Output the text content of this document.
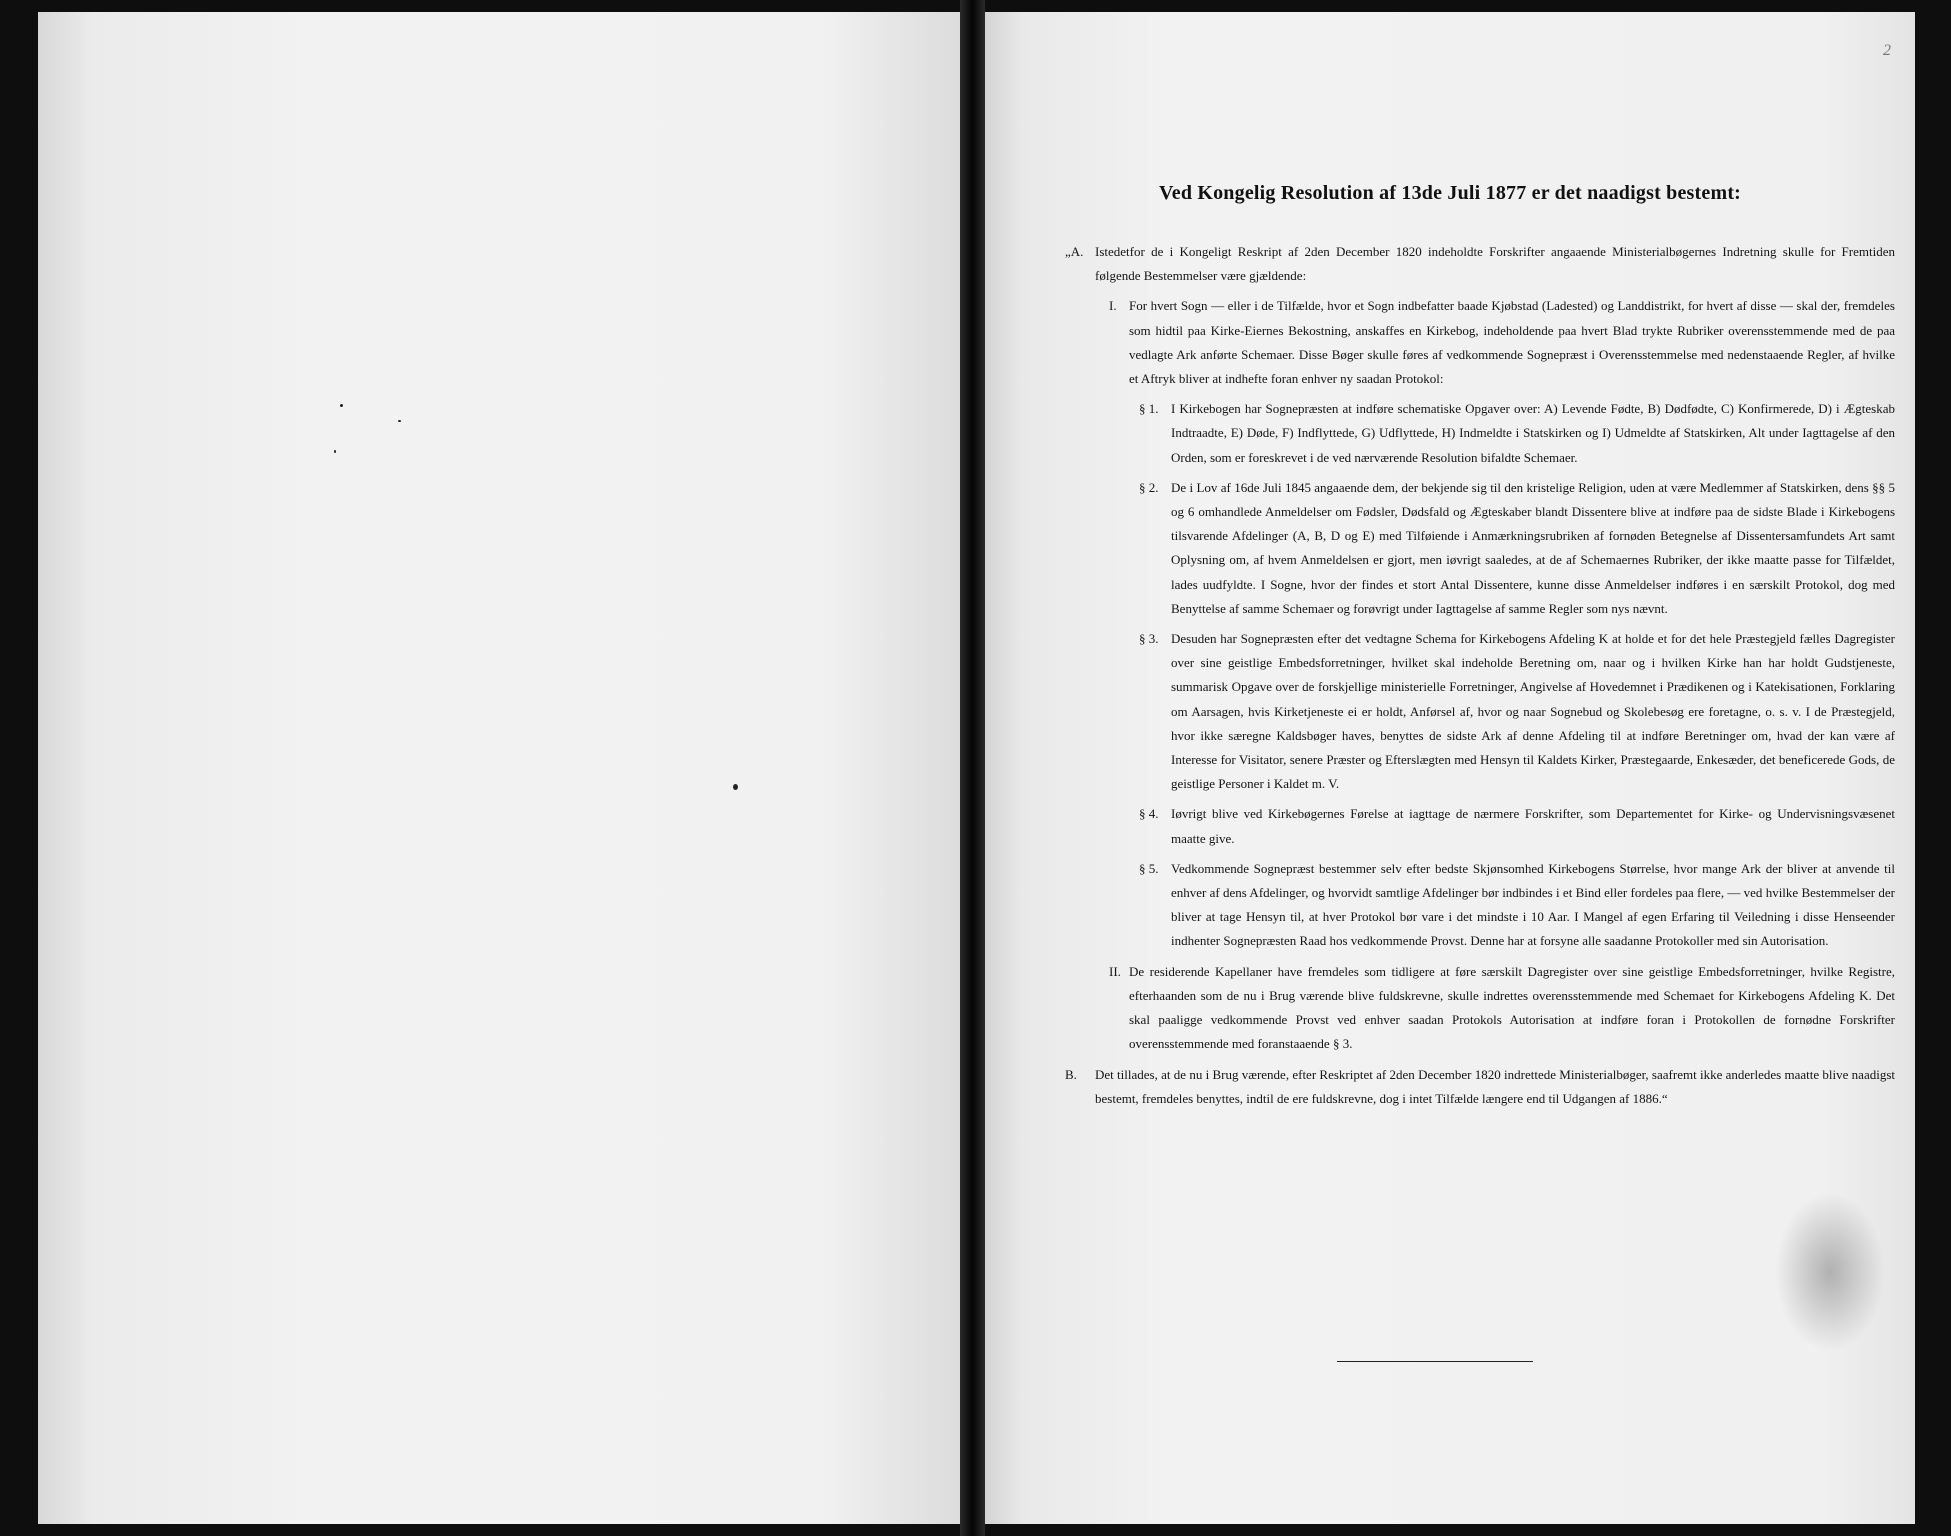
2
Ved Kongelig Resolution af 13de Juli 1877 er det naadigst bestemt:
„A. Istedetfor de i Kongeligt Reskript af 2den December 1820 indeholdte Forskrifter angaaende Ministerialbøgernes Indretning skulle for Fremtiden følgende Bestemmelser være gjældende:
I. For hvert Sogn — eller i de Tilfælde, hvor et Sogn indbefatter baade Kjøbstad (Ladested) og Landdistrikt, for hvert af disse — skal der, fremdeles som hidtil paa Kirke-Eiernes Bekostning, anskaffes en Kirkebog, indeholdende paa hvert Blad trykte Rubriker overensstemmende med de paa vedlagte Ark anførte Schemaer. Disse Bøger skulle føres af vedkommende Sognepræst i Overensstemmelse med nedenstaaende Regler, af hvilke et Aftryk bliver at indhefte foran enhver ny saadan Protokol:
§ 1. I Kirkebogen har Sognepræsten at indføre schematiske Opgaver over: A) Levende Fødte, B) Dødfødte, C) Konfirmerede, D) i Ægteskab Indtraadte, E) Døde, F) Indflyttede, G) Udflyttede, H) Indmeldte i Statskirken og I) Udmeldte af Statskirken, Alt under Iagttagelse af den Orden, som er foreskrevet i de ved nærværende Resolution bifaldte Schemaer.
§ 2. De i Lov af 16de Juli 1845 angaaende dem, der bekjende sig til den kristelige Religion, uden at være Medlemmer af Statskirken, dens §§ 5 og 6 omhandlede Anmeldelser om Fødsler, Dødsfald og Ægteskaber blandt Dissentere blive at indføre paa de sidste Blade i Kirkebogens tilsvarende Afdelinger (A, B, D og E) med Tilføiende i Anmærkningsrubriken af fornøden Betegnelse af Dissentersamfundets Art samt Oplysning om, af hvem Anmeldelsen er gjort, men iøvrigt saaledes, at de af Schemaernes Rubriker, der ikke maatte passe for Tilfældet, lades uudfyldte. I Sogne, hvor der findes et stort Antal Dissentere, kunne disse Anmeldelser indføres i en særskilt Protokol, dog med Benyttelse af samme Schemaer og forøvrigt under Iagttagelse af samme Regler som nys nævnt.
§ 3. Desuden har Sognepræsten efter det vedtagne Schema for Kirkebogens Afdeling K at holde et for det hele Præstegjeld fælles Dagregister over sine geistlige Embedsforretninger, hvilket skal indeholde Beretning om, naar og i hvilken Kirke han har holdt Gudstjeneste, summarisk Opgave over de forskjellige ministerielle Forretninger, Angivelse af Hovedemnet i Prædikenen og i Katekisationen, Forklaring om Aarsagen, hvis Kirketjeneste ei er holdt, Anførsel af, hvor og naar Sognebud og Skolebesøg ere foretagne, o. s. v. I de Præstegjeld, hvor ikke særegne Kaldsbøger haves, benyttes de sidste Ark af denne Afdeling til at indføre Beretninger om, hvad der kan være af Interesse for Visitator, senere Præster og Efterslægten med Hensyn til Kaldets Kirker, Præstegaarde, Enkesæder, det beneficerede Gods, de geistlige Personer i Kaldet m. V.
§ 4. Iøvrigt blive ved Kirkebøgernes Førelse at iagttage de nærmere Forskrifter, som Departementet for Kirke- og Undervisningsvæsenet maatte give.
§ 5. Vedkommende Sognepræst bestemmer selv efter bedste Skjønsomhed Kirkebogens Størrelse, hvor mange Ark der bliver at anvende til enhver af dens Afdelinger, og hvorvidt samtlige Afdelinger bør indbindes i et Bind eller fordeles paa flere, — ved hvilke Bestemmelser der bliver at tage Hensyn til, at hver Protokol bør vare i det mindste i 10 Aar. I Mangel af egen Erfaring til Veiledning i disse Henseender indhenter Sognepræsten Raad hos vedkommende Provst. Denne har at forsyne alle saadanne Protokoller med sin Autorisation.
II. De residerende Kapellaner have fremdeles som tidligere at føre særskilt Dagregister over sine geistlige Embedsforretninger, hvilke Registre, efterhaanden som de nu i Brug værende blive fuldskrevne, skulle indrettes overensstemmende med Schemaet for Kirkebogens Afdeling K. Det skal paaligge vedkommende Provst ved enhver saadan Protokols Autorisation at indføre foran i Protokollen de fornødne Forskrifter overensstemmende med foranstaaende § 3.
B.	Det tillades, at de nu i Brug værende, efter Reskriptet af 2den December 1820 indrettede Ministerialbøger, saafremt ikke anderledes maatte blive naadigst bestemt, fremdeles benyttes, indtil de ere fuldskrevne, dog i intet Tilfælde længere end til Udgangen af 1886.“
